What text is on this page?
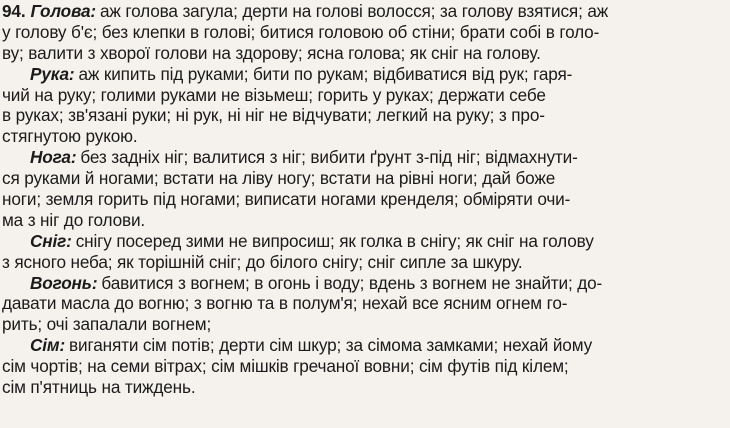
94. Голова: аж голова загула; дерти на голові волосся; за голову взятися; аж
у голову б'є; без клепки в голові; битися головою об стіни; брати собі в голо-
ву; валити з хворої голови на здорову; ясна голова; як сніг на голову.
Рука: аж кипить під руками; бити по рукам; відбиватися від рук; гаря-
чий на руку; голими руками не візьмеш; горить у руках; держати себе
в руках; зв'язані руки; ні рук, ні ніг не відчувати; легкий на руку; з про-
стягнутою рукою.
Нога: без задніх ніг; валитися з ніг; вибити ґрунт з-під ніг; відмахнути-
ся руками й ногами; встати на ліву ногу; встати на рівні ноги; дай боже
ноги; земля горить під ногами; виписати ногами кренделя; обміряти очи-
ма з ніг до голови.
Сніг: снігу посеред зими не випросиш; як голка в снігу; як сніг на голову
з ясного неба; як торішній сніг; до білого снігу; сніг сипле за шкуру.
Вогонь: бавитися з вогнем; в огонь і воду; вдень з вогнем не знайти; до-
давати масла до вогню; з вогню та в полум'я; нехай все ясним огнем го-
рить; очі запалали вогнем;
Сім: виганяти сім потів; дерти сім шкур; за сімома замками; нехай йому
сім чортів; на семи вітрах; сім мішків гречаної вовни; сім футів під кілем;
сім п'ятниць на тиждень.
